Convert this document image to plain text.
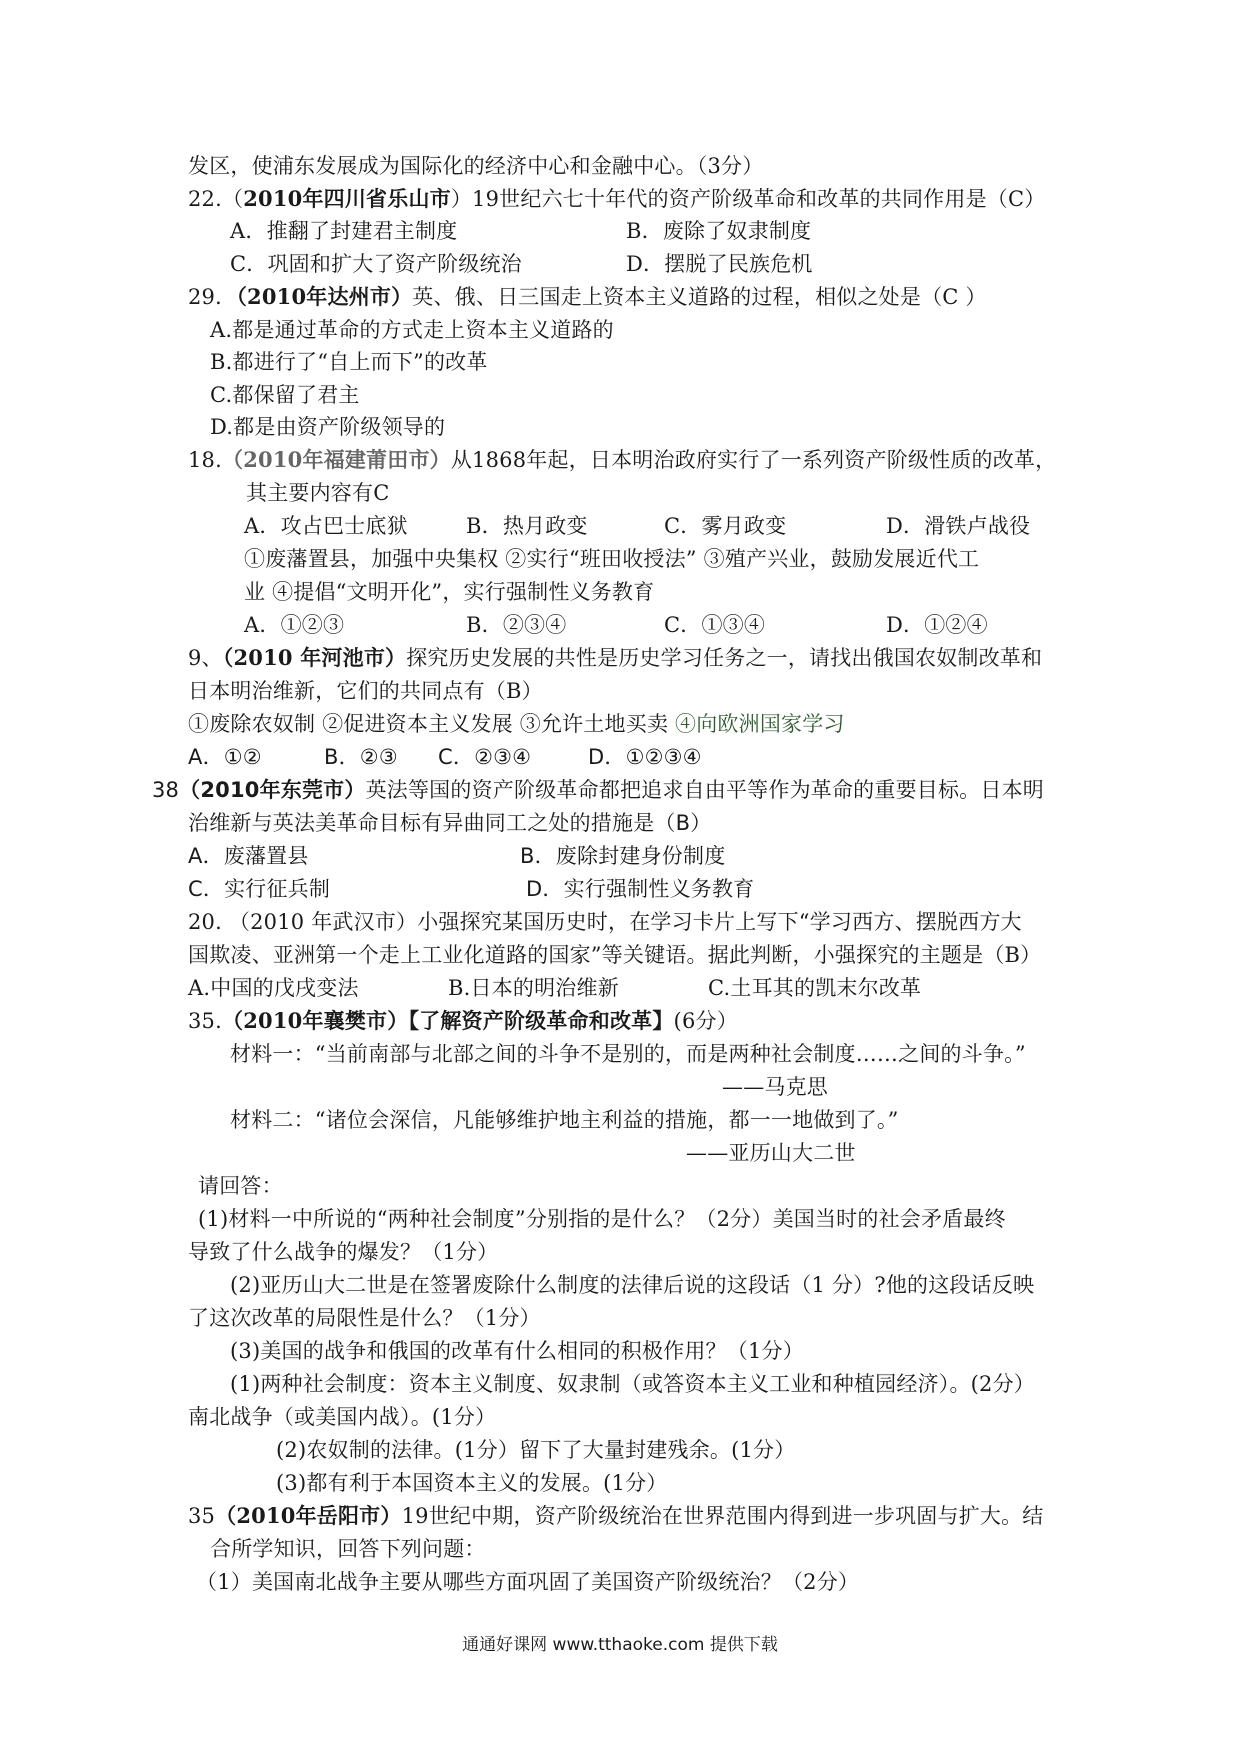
发区，使浦东发展成为国际化的经济中心和金融中心。（3分）
22.（2010年四川省乐山市）19世纪六七十年代的资产阶级革命和改革的共同作用是（C）
A．推翻了封建君主制度	B．废除了奴隶制度
C．巩固和扩大了资产阶级统治	D．摆脱了民族危机
29．（2010年达州市）英、俄、日三国走上资本主义道路的过程，相似之处是（C ）
A.都是通过革命的方式走上资本主义道路的
B.都进行了“自上而下”的改革
C.都保留了君主
D.都是由资产阶级领导的
18.（2010年福建莆田市）从1868年起，日本明治政府实行了一系列资产阶级性质的改革，
其主要内容有C
A．攻占巴士底狱	B．热月政变	C．雾月政变	D．滑铁卢战役
①废藩置县，加强中央集权 ②实行“班田收授法” ③殖产兴业，鼓励发展近代工
业 ④提倡“文明开化”，实行强制性义务教育
A．①②③	B．②③④	C．①③④	D．①②④
9、（2010 年河池市）探究历史发展的共性是历史学习任务之一，请找出俄国农奴制改革和
日本明治维新，它们的共同点有（B）
①废除农奴制 ②促进资本主义发展 ③允许土地买卖 ④向欧洲国家学习
A．①②	B．②③ C．②③④	D．①②③④
38（2010年东莞市）英法等国的资产阶级革命都把追求自由平等作为革命的重要目标。日本明
治维新与英法美革命目标有异曲同工之处的措施是（B）
A．废藩置县	B．废除封建身份制度
C．实行征兵制	D．实行强制性义务教育
20. （2010 年武汉市）小强探究某国历史时，在学习卡片上写下“学习西方、摆脱西方大
国欺凌、亚洲第一个走上工业化道路的国家”等关键语。据此判断，小强探究的主题是（B）
A.中国的戊戌变法	B.日本的明治维新	C.土耳其的凯末尔改革
35.（2010年襄樊市）【了解资产阶级革命和改革】(6分）
材料一：“当前南部与北部之间的斗争不是别的，而是两种社会制度……之间的斗争。”
——马克思
材料二：“诸位会深信，凡能够维护地主利益的措施，都一一地做到了。”
——亚历山大二世
请回答：
(1)材料一中所说的“两种社会制度”分别指的是什么？（2分）美国当时的社会矛盾最终
导致了什么战争的爆发？（1分）
(2)亚历山大二世是在签署废除什么制度的法律后说的这段话（1 分）?他的这段话反映
了这次改革的局限性是什么？（1分）
(3)美国的战争和俄国的改革有什么相同的积极作用？（1分）
(1)两种社会制度：资本主义制度、奴隶制（或答资本主义工业和种植园经济）。(2分）
南北战争（或美国内战）。(1分）
(2)农奴制的法律。(1分）留下了大量封建残余。(1分）
(3)都有利于本国资本主义的发展。(1分）
35（2010年岳阳市）19世纪中期，资产阶级统治在世界范围内得到进一步巩固与扩大。结
合所学知识，回答下列问题：
（1）美国南北战争主要从哪些方面巩固了美国资产阶级统治？（2分）
通通好课网 www.tthaoke.com 提供下载
